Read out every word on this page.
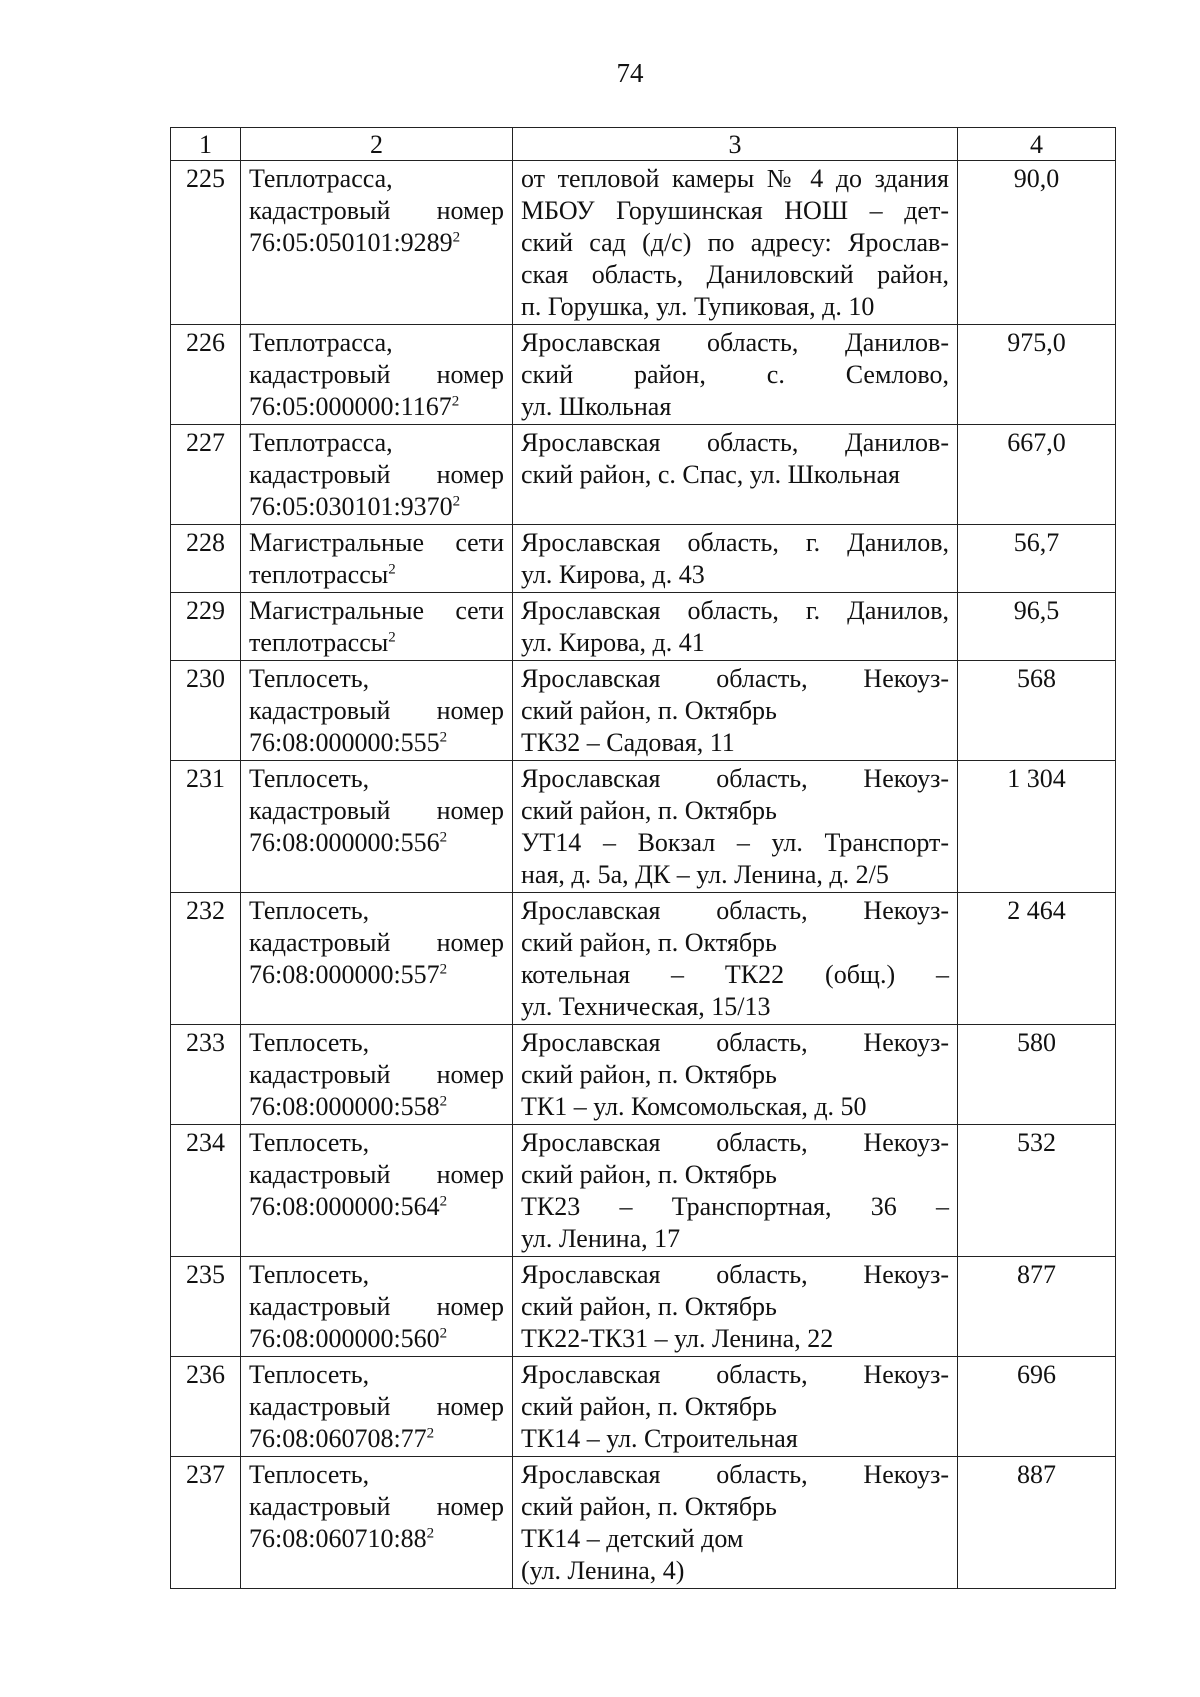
74
1	2	3	4
225	Теплотрасса,
кадастровый номер
76:05:050101:9289$^2$	от тепловой камеры № 4 до здания
МБОУ Горушинская НОШ – дет-
ский сад (д/с) по адресу: Ярослав-
ская область, Даниловский район,
п. Горушка, ул. Тупиковая, д. 10	90,0
226	Теплотрасса,
кадастровый номер
76:05:000000:1167$^2$	Ярославская область, Данилов-
ский район, с. Семлово,
ул. Школьная	975,0
227	Теплотрасса,
кадастровый номер
76:05:030101:9370$^2$	Ярославская область, Данилов-
ский район, с. Спас, ул. Школьная	667,0
228	Магистральные сети
теплотрассы$^2$	Ярославская область, г. Данилов,
ул. Кирова, д. 43	56,7
229	Магистральные сети
теплотрассы$^2$	Ярославская область, г. Данилов,
ул. Кирова, д. 41	96,5
230	Теплосеть,
кадастровый номер
$76:08:000000:555^2$	Ярославская область, Некоуз-
ский район, п. Октябрь
ТК32 – Садовая, 11	568
231	Теплосеть,
кадастровый номер
$76:08:000000:556^2$	Ярославская область, Некоуз-
ский район, п. Октябрь
УТ14 – Вокзал – ул. Транспорт-
ная, д. 5а, ДК – ул. Ленина, д. 2/5	1 304
232	Теплосеть,
кадастровый номер
$76:08:000000:557^2$	Ярославская область, Некоуз-
ский район, п. Октябрь
котельная – ТК22 (общ.) –
ул. Техническая, 15/13	2 464
233	Теплосеть,
кадастровый номер
$76:08:000000:558^2$	Ярославская область, Некоуз-
ский район, п. Октябрь
ТК1 – ул. Комсомольская, д. 50	580
234	Теплосеть,
кадастровый номер
$76:08:000000:564^2$	Ярославская область, Некоуз-
ский район, п. Октябрь
ТК23 – Транспортная, 36 –
ул. Ленина, 17	532
235	Теплосеть,
кадастровый номер
$76:08:000000:560^2$	Ярославская область, Некоуз-
ский район, п. Октябрь
ТК22-ТК31 – ул. Ленина, 22	877
236	Теплосеть,
кадастровый номер
$76:08:060708:77^2$	Ярославская область, Некоуз-
ский район, п. Октябрь
ТК14 – ул. Строительная	696
237	Теплосеть,
кадастровый номер
$76:08:060710:88^2$	Ярославская область, Некоуз-
ский район, п. Октябрь
ТК14 – детский дом
(ул. Ленина, 4)	887
